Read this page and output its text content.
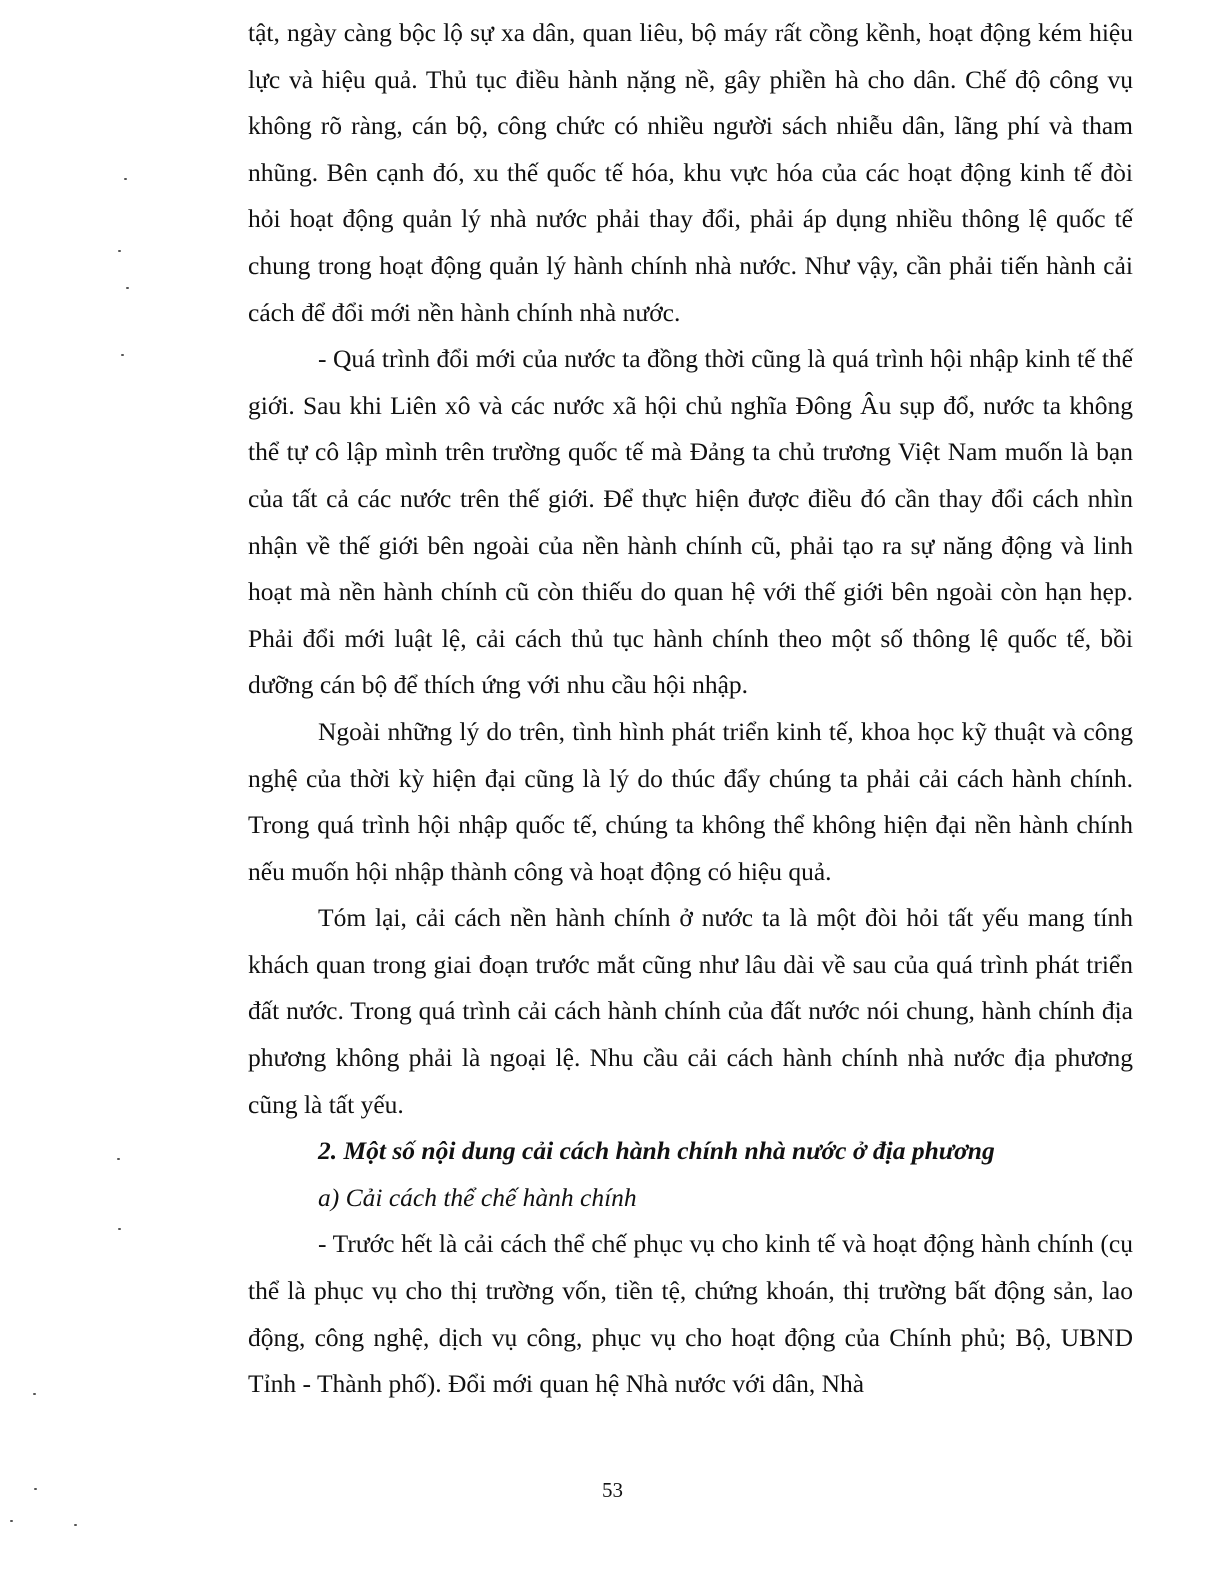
tật, ngày càng bộc lộ sự xa dân, quan liêu, bộ máy rất cồng kềnh, hoạt động kém hiệu lực và hiệu quả. Thủ tục điều hành nặng nề, gây phiền hà cho dân. Chế độ công vụ không rõ ràng, cán bộ, công chức có nhiều người sách nhiễu dân, lãng phí và tham nhũng. Bên cạnh đó, xu thế quốc tế hóa, khu vực hóa của các hoạt động kinh tế đòi hỏi hoạt động quản lý nhà nước phải thay đổi, phải áp dụng nhiều thông lệ quốc tế chung trong hoạt động quản lý hành chính nhà nước. Như vậy, cần phải tiến hành cải cách để đổi mới nền hành chính nhà nước.

- Quá trình đổi mới của nước ta đồng thời cũng là quá trình hội nhập kinh tế thế giới. Sau khi Liên xô và các nước xã hội chủ nghĩa Đông Âu sụp đổ, nước ta không thể tự cô lập mình trên trường quốc tế mà Đảng ta chủ trương Việt Nam muốn là bạn của tất cả các nước trên thế giới. Để thực hiện được điều đó cần thay đổi cách nhìn nhận về thế giới bên ngoài của nền hành chính cũ, phải tạo ra sự năng động và linh hoạt mà nền hành chính cũ còn thiếu do quan hệ với thế giới bên ngoài còn hạn hẹp. Phải đổi mới luật lệ, cải cách thủ tục hành chính theo một số thông lệ quốc tế, bồi dưỡng cán bộ để thích ứng với nhu cầu hội nhập.

Ngoài những lý do trên, tình hình phát triển kinh tế, khoa học kỹ thuật và công nghệ của thời kỳ hiện đại cũng là lý do thúc đẩy chúng ta phải cải cách hành chính. Trong quá trình hội nhập quốc tế, chúng ta không thể không hiện đại nền hành chính nếu muốn hội nhập thành công và hoạt động có hiệu quả.

Tóm lại, cải cách nền hành chính ở nước ta là một đòi hỏi tất yếu mang tính khách quan trong giai đoạn trước mắt cũng như lâu dài về sau của quá trình phát triển đất nước. Trong quá trình cải cách hành chính của đất nước nói chung, hành chính địa phương không phải là ngoại lệ. Nhu cầu cải cách hành chính nhà nước địa phương cũng là tất yếu.

2. Một số nội dung cải cách hành chính nhà nước ở địa phương

a) Cải cách thể chế hành chính

- Trước hết là cải cách thể chế phục vụ cho kinh tế và hoạt động hành chính (cụ thể là phục vụ cho thị trường vốn, tiền tệ, chứng khoán, thị trường bất động sản, lao động, công nghệ, dịch vụ công, phục vụ cho hoạt động của Chính phủ; Bộ, UBND Tỉnh - Thành phố). Đổi mới quan hệ Nhà nước với dân, Nhà

53
